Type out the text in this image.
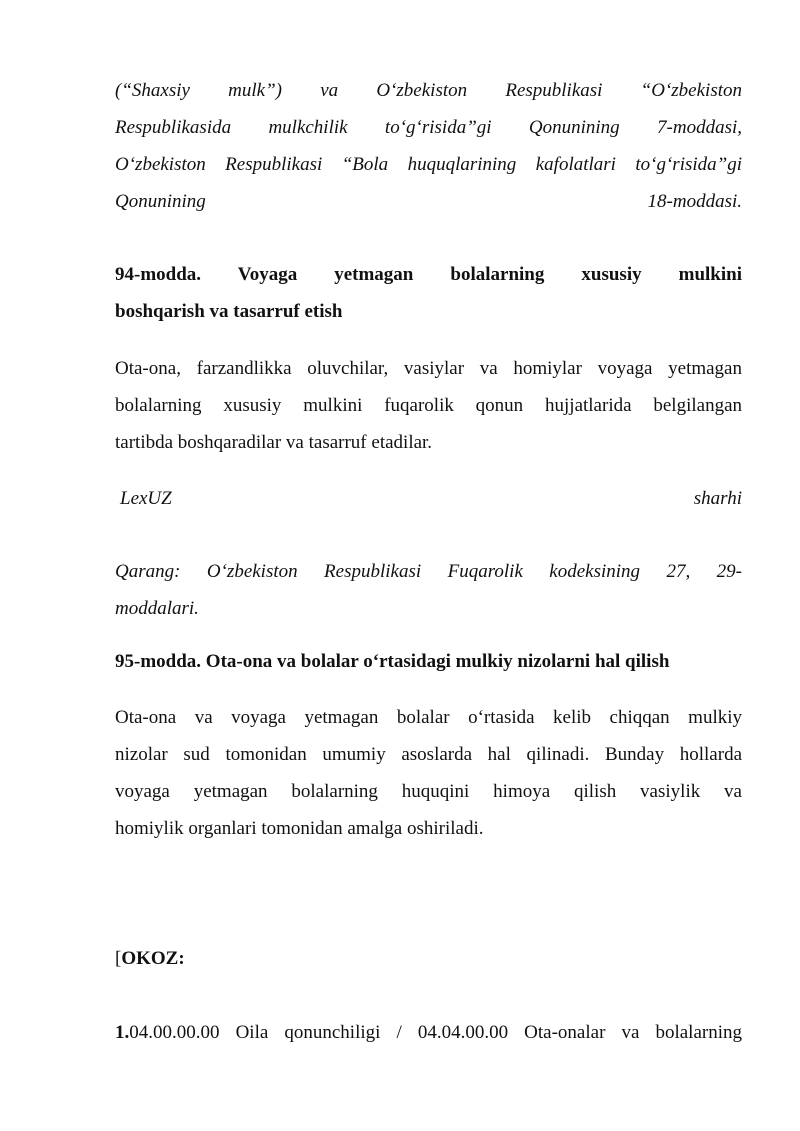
(“Shaxsiy mulk”) va O‘zbekiston Respublikasi “O‘zbekiston
Respublikasida mulkchilik to‘g‘risida”gi Qonunining 7-moddasi,
O‘zbekiston Respublikasi “Bola huquqlarining kafolatlari to‘g‘risida”gi
Qonunining	18-moddasi.
94-modda. Voyaga yetmagan bolalarning xususiy mulkini
boshqarish va tasarruf etish
Ota-ona, farzandlikka oluvchilar, vasiylar va homiylar voyaga yetmagan
bolalarning xususiy mulkini fuqarolik qonun hujjatlarida belgilangan
tartibda boshqaradilar va tasarruf etadilar.
LexUZ	sharhi
Qarang: O‘zbekiston Respublikasi Fuqarolik kodeksining 27, 29-
moddalari.
95-modda. Ota-ona va bolalar o‘rtasidagi mulkiy nizolarni hal qilish
Ota-ona va voyaga yetmagan bolalar o‘rtasida kelib chiqqan mulkiy
nizolar sud tomonidan umumiy asoslarda hal qilinadi. Bunday hollarda
voyaga yetmagan bolalarning huquqini himoya qilish vasiylik va
homiylik organlari tomonidan amalga oshiriladi.
[OKOZ:
1.04.00.00.00 Oila qonunchiligi / 04.04.00.00 Ota-onalar va bolalarning
